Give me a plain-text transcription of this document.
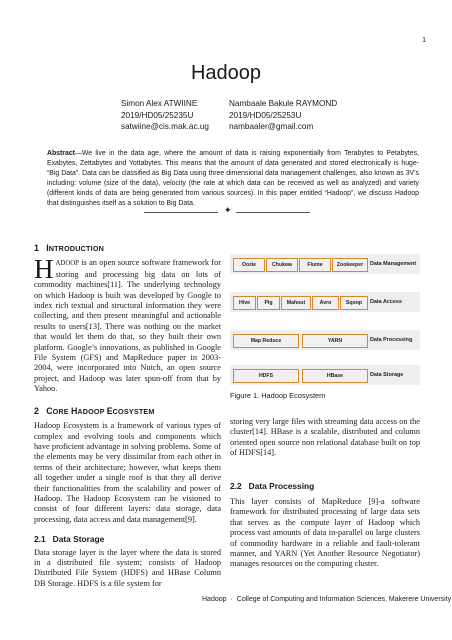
1
Hadoop
Simon Alex ATWIINE
2019/HD05/25235U
satwiine@cis.mak.ac.ug
Nambaale Bakule RAYMOND
2019/HD05/25253U
nambaaler@gmail.com
Abstract—We live in the data age, where the amount of data is raising exponentially from Terabytes to Petabytes, Exabytes, Zettabytes and Yottabytes. This means that the amount of data generated and stored electronically is huge- “Big Data”. Data can be classified as Big Data using three dimensional data management challenges, also known as 3V’s including: volume (size of the data), velocity (the rate at which data can be received as well as analyzed) and variety (different kinds of data are being generated from various sources). In this paper entitled “Hadoop”, we discuss Hadoop that distinguishes itself as a solution to Big Data.
✦
1 INTRODUCTION

HADOOP is an open source software framework for storing and processing big data on lots of commodity machines[11]. The underlying technology on which Hadoop is built was developed by Google to index rich textual and structural information they were collecting, and then present meaningful and actionable results to users[13]. There was nothing on the market that would let them do that, so they built their own platform. Google’s innovations, as published in Google File System (GFS) and MapReduce paper in 2003-2004, were incorporated into Nutch, an open source project, and Hadoop was later spun-off from that by Yahoo.

2 CORE HADOOP ECOSYSTEM

Hadoop Ecosystem is a framework of various types of complex and evolving tools and components which have proficient advantage in solving problems. Some of the elements may be very dissimilar from each other in terms of their architecture; however, what keeps them all together under a single roof is that they all derive their functionalities from the scalability and power of Hadoop. The Hadoop Ecosystem can be visioned to consist of four different layers: data storage, data processing, data access and data management[9].

2.1 Data Storage

Data storage layer is the layer where the data is stored in a distributed file system; consists of Hadoop Distributed File System (HDFS) and HBase Column DB Storage. HDFS is a file system for

Oozie	Chukwa	Flume	Zookeeper	Data Management
Hive	Pig	Mahout	Avro	Sqoop	Data Access
Map Reduce	YARN	Data Processing
HDFS	HBase	Data Storage
Figure 1. Hadoop Ecosystem

storing very large files with streaming data access on the cluster[14]. HBase is a scalable, distributed and column oriented open source non relational database built on top of HDFS[14].

2.2 Data Processing

This layer consists of MapReduce [9]-a software framework for distributed processing of large data sets that serves as the compute layer of Hadoop which process vast amounts of data in-parallel on large clusters of commodity hardware in a reliable and fault-tolerant manner, and YARN (Yet Another Resource Negotiator) manages resources on the computing cluster.

Hadoop · College of Computing and Information Sciences, Makerere University
